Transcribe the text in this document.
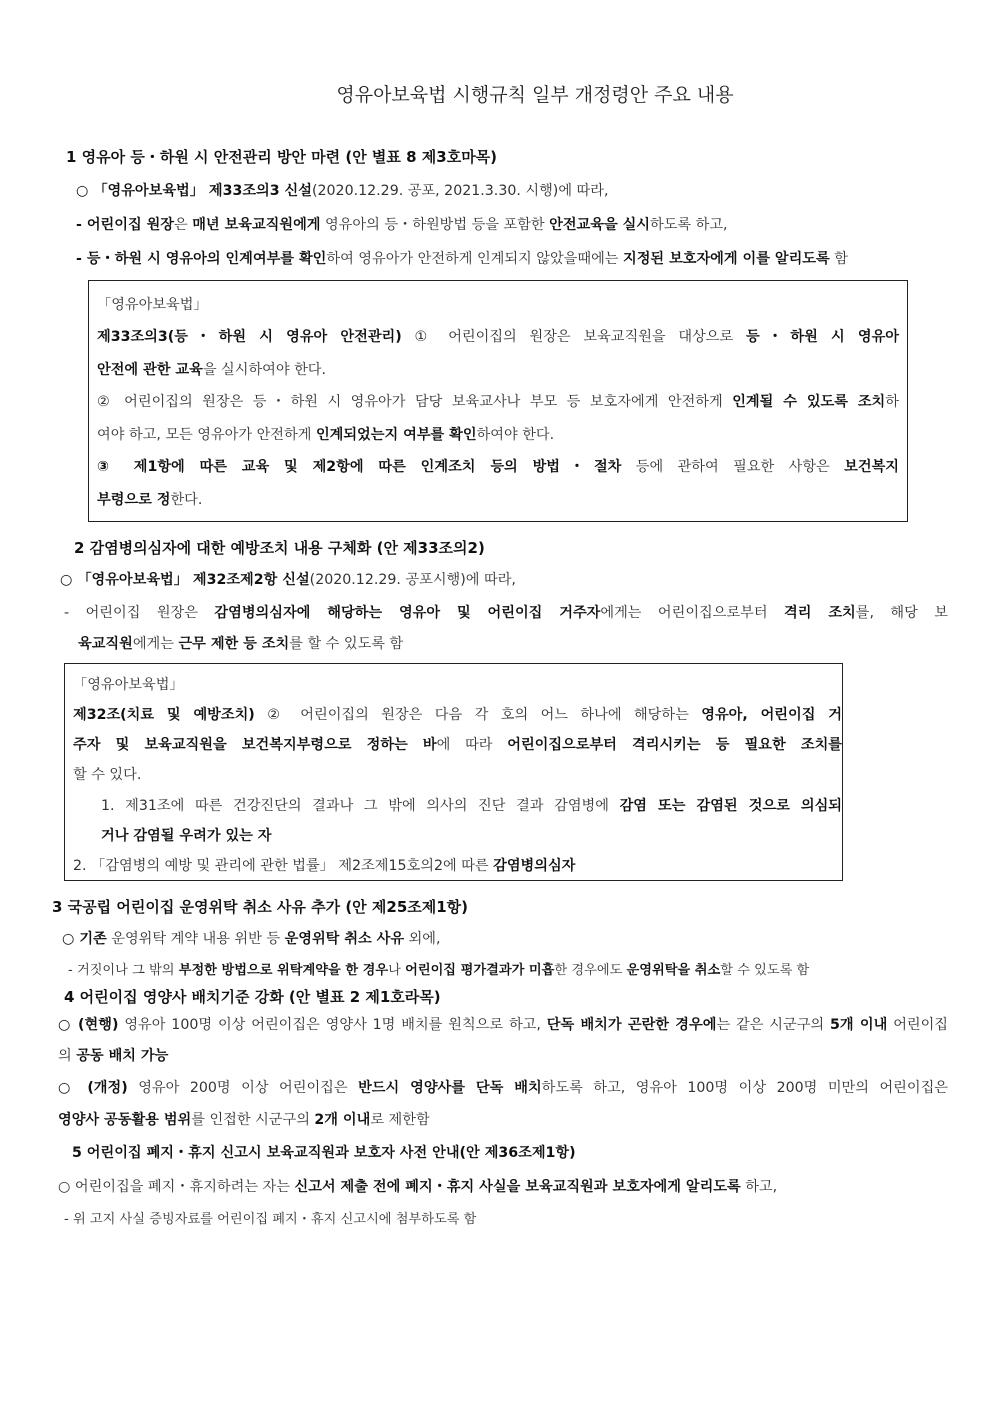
영유아보육법 시행규칙 일부 개정령안 주요 내용
1 영유아 등・하원 시 안전관리 방안 마련 (안 별표 8 제3호마목)
○ 「영유아보육법」 제33조의3 신설(2020.12.29. 공포, 2021.3.30. 시행)에 따라,
- 어린이집 원장은 매년 보육교직원에게 영유아의 등・하원방법 등을 포함한 안전교육을 실시하도록 하고,
- 등・하원 시 영유아의 인계여부를 확인하여 영유아가 안전하게 인계되지 않았을때에는 지정된 보호자에게 이를 알리도록 함
「영유아보육법」
제33조의3(등・하원 시 영유아 안전관리) ① 어린이집의 원장은 보육교직원을 대상으로 등・하원 시 영유아
안전에 관한 교육을 실시하여야 한다.
② 어린이집의 원장은 등・하원 시 영유아가 담당 보육교사나 부모 등 보호자에게 안전하게 인계될 수 있도록 조치하
여야 하고, 모든 영유아가 안전하게 인계되었는지 여부를 확인하여야 한다.
③ 제1항에 따른 교육 및 제2항에 따른 인계조치 등의 방법・절차 등에 관하여 필요한 사항은 보건복지
부령으로 정한다.
2 감염병의심자에 대한 예방조치 내용 구체화 (안 제33조의2)
○ 「영유아보육법」 제32조제2항 신설(2020.12.29. 공포시행)에 따라,
- 어린이집 원장은 감염병의심자에 해당하는 영유아 및 어린이집 거주자에게는 어린이집으로부터 격리 조치를, 해당 보
육교직원에게는 근무 제한 등 조치를 할 수 있도록 함
「영유아보육법」
제32조(치료 및 예방조치) ② 어린이집의 원장은 다음 각 호의 어느 하나에 해당하는 영유아, 어린이집 거
주자 및 보육교직원을 보건복지부령으로 정하는 바에 따라 어린이집으로부터 격리시키는 등 필요한 조치를
할 수 있다.
1. 제31조에 따른 건강진단의 결과나 그 밖에 의사의 진단 결과 감염병에 감염 또는 감염된 것으로 의심되
거나 감염될 우려가 있는 자
2. 「감염병의 예방 및 관리에 관한 법률」 제2조제15호의2에 따른 감염병의심자
3 국공립 어린이집 운영위탁 취소 사유 추가 (안 제25조제1항)
○ 기존 운영위탁 계약 내용 위반 등 운영위탁 취소 사유 외에,
- 거짓이나 그 밖의 부정한 방법으로 위탁계약을 한 경우나 어린이집 평가결과가 미흡한 경우에도 운영위탁을 취소할 수 있도록 함
4 어린이집 영양사 배치기준 강화 (안 별표 2 제1호라목)
○ (현행) 영유아 100명 이상 어린이집은 영양사 1명 배치를 원칙으로 하고, 단독 배치가 곤란한 경우에는 같은 시군구의 5개 이내 어린이집
의 공동 배치 가능
○ (개정) 영유아 200명 이상 어린이집은 반드시 영양사를 단독 배치하도록 하고, 영유아 100명 이상 200명 미만의 어린이집은
영양사 공동활용 범위를 인접한 시군구의 2개 이내로 제한함
5 어린이집 폐지・휴지 신고시 보육교직원과 보호자 사전 안내(안 제36조제1항)
○ 어린이집을 폐지・휴지하려는 자는 신고서 제출 전에 폐지・휴지 사실을 보육교직원과 보호자에게 알리도록 하고,
- 위 고지 사실 증빙자료를 어린이집 폐지・휴지 신고시에 첨부하도록 함
